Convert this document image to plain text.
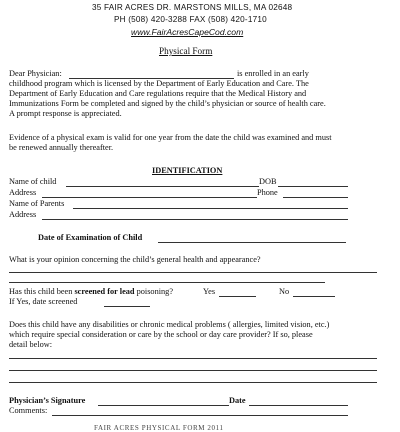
35 FAIR ACRES DR. MARSTONS MILLS, MA 02648
PH (508) 420-3288 FAX (508) 420-1710
www.FairAcresCapeCod.com
Physical Form
Dear Physician:	is enrolled in an early
childhood program which is licensed by the Department of Early Education and Care. The
Department of Early Education and Care regulations require that the Medical History and
Immunizations Form be completed and signed by the child’s physician or source of health care.
A prompt response is appreciated.
Evidence of a physical exam is valid for one year from the date the child was examined and must
be renewed annually thereafter.
IDENTIFICATION
Name of child	DOB
Address	Phone
Name of Parents
Address
Date of Examination of Child
What is your opinion concerning the child’s general health and appearance?
Has this child been screened for lead poisoning?	Yes	No
If Yes, date screened
Does this child have any disabilities or chronic medical problems ( allergies, limited vision, etc.)
which require special consideration or care by the school or day care provider? If so, please
detail below:
Physician’s Signature	Date
Comments:
FAIR ACRES PHYSICAL FORM 2011
